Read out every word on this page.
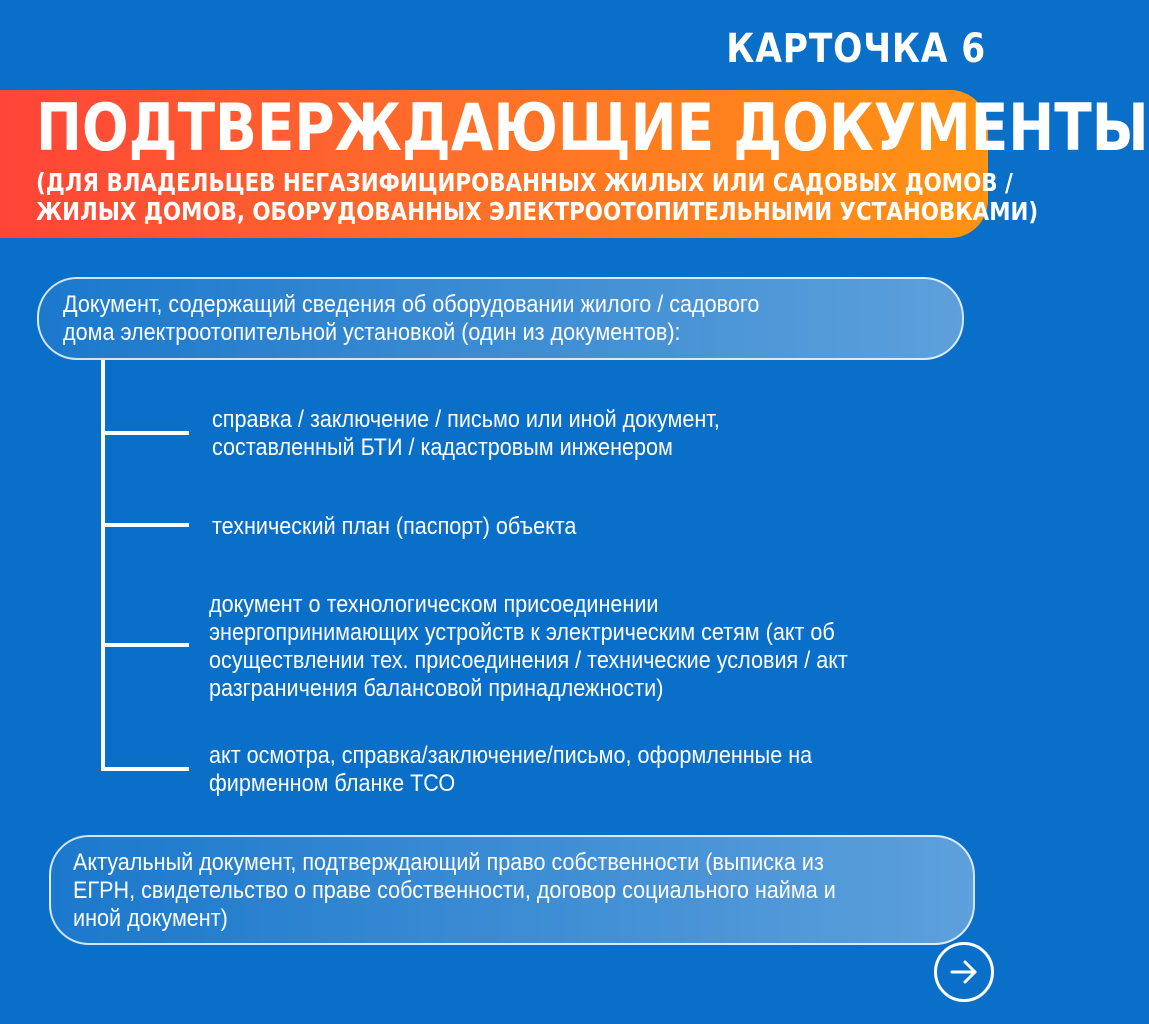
КАРТОЧКА 6
ПОДТВЕРЖДАЮЩИЕ ДОКУМЕНТЫ
(ДЛЯ ВЛАДЕЛЬЦЕВ НЕГАЗИФИЦИРОВАННЫХ ЖИЛЫХ ИЛИ САДОВЫХ ДОМОВ /
ЖИЛЫХ ДОМОВ, ОБОРУДОВАННЫХ ЭЛЕКТРООТОПИТЕЛЬНЫМИ УСТАНОВКАМИ)
Документ, содержащий сведения об оборудовании жилого / садового
дома электроотопительной установкой (один из документов):
справка / заключение / письмо или иной документ,
составленный БТИ / кадастровым инженером
технический план (паспорт) объекта
документ о технологическом присоединении
энергопринимающих устройств к электрическим сетям (акт об
осуществлении тех. присоединения / технические условия / акт
разграничения балансовой принадлежности)
акт осмотра, справка/заключение/письмо, оформленные на
фирменном бланке ТСО
Актуальный документ, подтверждающий право собственности (выписка из
ЕГРН, свидетельство о праве собственности, договор социального найма и
иной документ)
